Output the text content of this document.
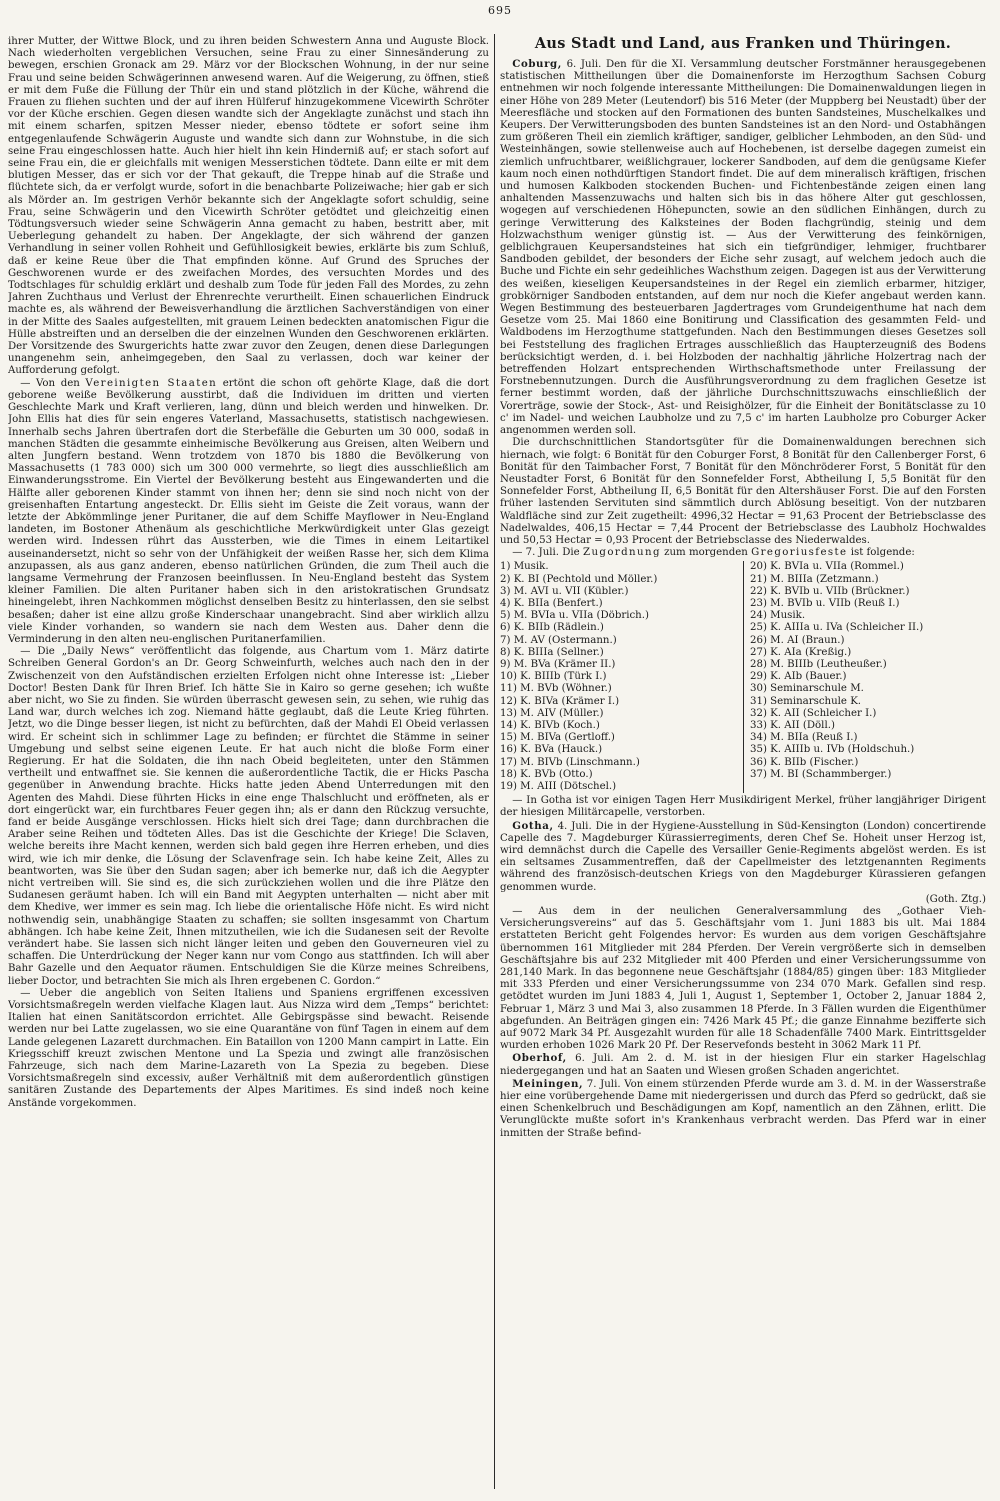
695

ihrer Mutter, der Wittwe Block, und zu ihren beiden Schwestern Anna und Auguste Block. Nach wiederholten vergeblichen Versuchen, seine Frau zu einer Sinnesänderung zu bewegen, erschien Gronack am 29. März vor der Blockschen Wohnung, in der nur seine Frau und seine beiden Schwägerinnen anwesend waren. Auf die Weigerung, zu öffnen, stieß er mit dem Fuße die Füllung der Thür ein und stand plötzlich in der Küche, während die Frauen zu fliehen suchten und der auf ihren Hülferuf hinzugekommene Vicewirth Schröter vor der Küche erschien. Gegen diesen wandte sich der Angeklagte zunächst und stach ihn mit einem scharfen, spitzen Messer nieder, ebenso tödtete er sofort seine ihm entgegenlaufende Schwägerin Auguste und wandte sich dann zur Wohnstube, in die sich seine Frau eingeschlossen hatte. Auch hier hielt ihn kein Hinderniß auf; er stach sofort auf seine Frau ein, die er gleichfalls mit wenigen Messerstichen tödtete. Dann eilte er mit dem blutigen Messer, das er sich vor der That gekauft, die Treppe hinab auf die Straße und flüchtete sich, da er verfolgt wurde, sofort in die benachbarte Polizeiwache; hier gab er sich als Mörder an. Im gestrigen Verhör bekannte sich der Angeklagte sofort schuldig, seine Frau, seine Schwägerin und den Vicewirth Schröter getödtet und gleichzeitig einen Tödtungsversuch wieder seine Schwägerin Anna gemacht zu haben, bestritt aber, mit Ueberlegung gehandelt zu haben. Der Angeklagte, der sich während der ganzen Verhandlung in seiner vollen Rohheit und Gefühllosigkeit bewies, erklärte bis zum Schluß, daß er keine Reue über die That empfinden könne. Auf Grund des Spruches der Geschworenen wurde er des zweifachen Mordes, des versuchten Mordes und des Todtschlages für schuldig erklärt und deshalb zum Tode für jeden Fall des Mordes, zu zehn Jahren Zuchthaus und Verlust der Ehrenrechte verurtheilt. Einen schauerlichen Eindruck machte es, als während der Beweisverhandlung die ärztlichen Sachverständigen von einer in der Mitte des Saales aufgestellten, mit grauem Leinen bedeckten anatomischen Figur die Hülle abstreiften und an derselben die der einzelnen Wunden den Geschworenen erklärten. Der Vorsitzende des Swurgerichts hatte zwar zuvor den Zeugen, denen diese Darlegungen unangenehm sein, anheimgegeben, den Saal zu verlassen, doch war keiner der Aufforderung gefolgt.

— Von den Vereinigten Staaten ertönt die schon oft gehörte Klage, daß die dort geborene weiße Bevölkerung ausstirbt, daß die Individuen im dritten und vierten Geschlechte Mark und Kraft verlieren, lang, dünn und bleich werden und hinwelken. Dr. John Ellis hat dies für sein engeres Vaterland, Massachusetts, statistisch nachgewiesen. Innerhalb sechs Jahren übertrafen dort die Sterbefälle die Geburten um 30 000, sodaß in manchen Städten die gesammte einheimische Bevölkerung aus Greisen, alten Weibern und alten Jungfern bestand. Wenn trotzdem von 1870 bis 1880 die Bevölkerung von Massachusetts (1 783 000) sich um 300 000 vermehrte, so liegt dies ausschließlich am Einwanderungsstrome. Ein Viertel der Bevölkerung besteht aus Eingewanderten und die Hälfte aller geborenen Kinder stammt von ihnen her; denn sie sind noch nicht von der greisenhaften Entartung angesteckt. Dr. Ellis sieht im Geiste die Zeit voraus, wann der letzte der Abkömmlinge jener Puritaner, die auf dem Schiffe Mayflower in Neu-England landeten, im Bostoner Athenäum als geschichtliche Merkwürdigkeit unter Glas gezeigt werden wird. Indessen rührt das Aussterben, wie die Times in einem Leitartikel auseinandersetzt, nicht so sehr von der Unfähigkeit der weißen Rasse her, sich dem Klima anzupassen, als aus ganz anderen, ebenso natürlichen Gründen, die zum Theil auch die langsame Vermehrung der Franzosen beeinflussen. In Neu-England besteht das System kleiner Familien. Die alten Puritaner haben sich in den aristokratischen Grundsatz hineingelebt, ihren Nachkommen möglichst denselben Besitz zu hinterlassen, den sie selbst besaßen; daher ist eine allzu große Kinderschaar unangebracht. Sind aber wirklich allzu viele Kinder vorhanden, so wandern sie nach dem Westen aus. Daher denn die Verminderung in den alten neu-englischen Puritanerfamilien.

— Die „Daily News“ veröffentlicht das folgende, aus Chartum vom 1. März datirte Schreiben General Gordon's an Dr. Georg Schweinfurth, welches auch nach den in der Zwischenzeit von den Aufständischen erzielten Erfolgen nicht ohne Interesse ist: „Lieber Doctor! Besten Dank für Ihren Brief. Ich hätte Sie in Kairo so gerne gesehen; ich wußte aber nicht, wo Sie zu finden. Sie würden überrascht gewesen sein, zu sehen, wie ruhig das Land war, durch welches ich zog. Niemand hätte geglaubt, daß die Leute Krieg führten. Jetzt, wo die Dinge besser liegen, ist nicht zu befürchten, daß der Mahdi El Obeid verlassen wird. Er scheint sich in schlimmer Lage zu befinden; er fürchtet die Stämme in seiner Umgebung und selbst seine eigenen Leute. Er hat auch nicht die bloße Form einer Regierung. Er hat die Soldaten, die ihn nach Obeid begleiteten, unter den Stämmen vertheilt und entwaffnet sie. Sie kennen die außerordentliche Tactik, die er Hicks Pascha gegenüber in Anwendung brachte. Hicks hatte jeden Abend Unterredungen mit den Agenten des Mahdi. Diese führten Hicks in eine enge Thalschlucht und eröffneten, als er dort eingerückt war, ein furchtbares Feuer gegen ihn; als er dann den Rückzug versuchte, fand er beide Ausgänge verschlossen. Hicks hielt sich drei Tage; dann durchbrachen die Araber seine Reihen und tödteten Alles. Das ist die Geschichte der Kriege! Die Sclaven, welche bereits ihre Macht kennen, werden sich bald gegen ihre Herren erheben, und dies wird, wie ich mir denke, die Lösung der Sclavenfrage sein. Ich habe keine Zeit, Alles zu beantworten, was Sie über den Sudan sagen; aber ich bemerke nur, daß ich die Aegypter nicht vertreiben will. Sie sind es, die sich zurückziehen wollen und die ihre Plätze den Sudanesen geräumt haben. Ich will ein Band mit Aegypten unterhalten — nicht aber mit dem Khedive, wer immer es sein mag. Ich liebe die orientalische Höfe nicht. Es wird nicht nothwendig sein, unabhängige Staaten zu schaffen; sie sollten insgesammt von Chartum abhängen. Ich habe keine Zeit, Ihnen mitzutheilen, wie ich die Sudanesen seit der Revolte verändert habe. Sie lassen sich nicht länger leiten und geben den Gouverneuren viel zu schaffen. Die Unterdrückung der Neger kann nur vom Congo aus stattfinden. Ich will aber Bahr Gazelle und den Aequator räumen. Entschuldigen Sie die Kürze meines Schreibens, lieber Doctor, und betrachten Sie mich als Ihren ergebenen C. Gordon.“

— Ueber die angeblich von Seiten Italiens und Spaniens ergriffenen excessiven Vorsichtsmaßregeln werden vielfache Klagen laut. Aus Nizza wird dem „Temps“ berichtet: Italien hat einen Sanitätscordon errichtet. Alle Gebirgspässe sind bewacht. Reisende werden nur bei Latte zugelassen, wo sie eine Quarantäne von fünf Tagen in einem auf dem Lande gelegenen Lazarett durchmachen. Ein Bataillon von 1200 Mann campirt in Latte. Ein Kriegsschiff kreuzt zwischen Mentone und La Spezia und zwingt alle französischen Fahrzeuge, sich nach dem Marine-Lazareth von La Spezia zu begeben. Diese Vorsichtsmaßregeln sind excessiv, außer Verhältniß mit dem außerordentlich günstigen sanitären Zustande des Departements der Alpes Maritimes. Es sind indeß noch keine Anstände vorgekommen.

Aus Stadt und Land, aus Franken und Thüringen.

Coburg, 6. Juli. Den für die XI. Versammlung deutscher Forstmänner herausgegebenen statistischen Mittheilungen über die Domainenforste im Herzogthum Sachsen Coburg entnehmen wir noch folgende interessante Mittheilungen: Die Domainenwaldungen liegen in einer Höhe von 289 Meter (Leutendorf) bis 516 Meter (der Muppberg bei Neustadt) über der Meeresfläche und stocken auf den Formationen des bunten Sandsteines, Muschelkalkes und Keupers. Der Verwitterungsboden des bunten Sandsteines ist an den Nord- und Ostabhängen zum größeren Theil ein ziemlich kräftiger, sandiger, gelblicher Lehmboden, an den Süd- und Westeinhängen, sowie stellenweise auch auf Hochebenen, ist derselbe dagegen zumeist ein ziemlich unfruchtbarer, weißlichgrauer, lockerer Sandboden, auf dem die genügsame Kiefer kaum noch einen nothdürftigen Standort findet. Die auf dem mineralisch kräftigen, frischen und humosen Kalkboden stockenden Buchen- und Fichtenbestände zeigen einen lang anhaltenden Massenzuwachs und halten sich bis in das höhere Alter gut geschlossen, wogegen auf verschiedenen Höhepuncten, sowie an den südlichen Einhängen, durch zu geringe Verwitterung des Kalksteines der Boden flachgründig, steinig und dem Holzwachsthum weniger günstig ist. — Aus der Verwitterung des feinkörnigen, gelblichgrauen Keupersandsteines hat sich ein tiefgründiger, lehmiger, fruchtbarer Sandboden gebildet, der besonders der Eiche sehr zusagt, auf welchem jedoch auch die Buche und Fichte ein sehr gedeihliches Wachsthum zeigen. Dagegen ist aus der Verwitterung des weißen, kieseligen Keupersandsteines in der Regel ein ziemlich erbarmer, hitziger, grobkörniger Sandboden entstanden, auf dem nur noch die Kiefer angebaut werden kann. Wegen Bestimmung des besteuerbaren Jagdertrages vom Grundeigenthume hat nach dem Gesetze vom 25. Mai 1860 eine Bonitirung und Classification des gesammten Feld- und Waldbodens im Herzogthume stattgefunden. Nach den Bestimmungen dieses Gesetzes soll bei Feststellung des fraglichen Ertrages ausschließlich das Haupterzeugniß des Bodens berücksichtigt werden, d. i. bei Holzboden der nachhaltig jährliche Holzertrag nach der betreffenden Holzart entsprechenden Wirthschaftsmethode unter Freilassung der Forstnebennutzungen. Durch die Ausführungsverordnung zu dem fraglichen Gesetze ist ferner bestimmt worden, daß der jährliche Durchschnittszuwachs einschließlich der Vorerträge, sowie der Stock-, Ast- und Reisighölzer, für die Einheit der Bonitätsclasse zu 10 c' im Nadel- und weichen Laubholze und zu 7,5 c' im harten Laubholze pro Coburger Acker angenommen werden soll.

Die durchschnittlichen Standortsgüter für die Domainenwaldungen berechnen sich hiernach, wie folgt: 6 Bonität für den Coburger Forst, 8 Bonität für den Callenberger Forst, 6 Bonität für den Taimbacher Forst, 7 Bonität für den Mönchröderer Forst, 5 Bonität für den Neustadter Forst, 6 Bonität für den Sonnefelder Forst, Abtheilung I, 5,5 Bonität für den Sonnefelder Forst, Abtheilung II, 6,5 Bonität für den Altershäuser Forst. Die auf den Forsten früher lastenden Servituten sind sämmtlich durch Ablösung beseitigt. Von der nutzbaren Waldfläche sind zur Zeit zugetheilt: 4996,32 Hectar = 91,63 Procent der Betriebsclasse des Nadelwaldes, 406,15 Hectar = 7,44 Procent der Betriebsclasse des Laubholz Hochwaldes und 50,53 Hectar = 0,93 Procent der Betriebsclasse des Niederwaldes.

— 7. Juli. Die Zugordnung zum morgenden Gregoriusfeste ist folgende:

1) Musik.
2) K. BI (Pechtold und Möller.)
3) M. AVI u. VII (Kübler.)
4) K. BIIa (Benfert.)
5) M. BVIa u. VIIa (Döbrich.)
6) K. BIIb (Rädlein.)
7) M. AV (Ostermann.)
8) K. BIIIa (Sellner.)
9) M. BVa (Krämer II.)
10) K. BIIIb (Türk I.)
11) M. BVb (Wöhner.)
12) K. BIVa (Krämer I.)
13) M. AIV (Müller.)
14) K. BIVb (Koch.)
15) M. BIVa (Gertloff.)
16) K. BVa (Hauck.)
17) M. BIVb (Linschmann.)
18) K. BVb (Otto.)
19) M. AIII (Dötschel.)
20) K. BVIa u. VIIa (Rommel.)
21) M. BIIIa (Zetzmann.)
22) K. BVIb u. VIIb (Brückner.)
23) M. BVIb u. VIIb (Reuß I.)
24) Musik.
25) K. AIIIa u. IVa (Schleicher II.)
26) M. AI (Braun.)
27) K. AIa (Kreßig.)
28) M. BIIIb (Leutheußer.)
29) K. AIb (Bauer.)
30) Seminarschule M.
31) Seminarschule K.
32) K. AII (Schleicher I.)
33) K. AII (Döll.)
34) M. BIIa (Reuß I.)
35) K. AIIIb u. IVb (Holdschuh.)
36) K. BIIb (Fischer.)
37) M. BI (Schammberger.)

— In Gotha ist vor einigen Tagen Herr Musikdirigent Merkel, früher langjähriger Dirigent der hiesigen Militärcapelle, verstorben.

Gotha, 4. Juli. Die in der Hygiene-Ausstellung in Süd-Kensington (London) concertirende Capelle des 7. Magdeburger Kürassierregiments, deren Chef Se. Hoheit unser Herzog ist, wird demnächst durch die Capelle des Versailler Genie-Regiments abgelöst werden. Es ist ein seltsames Zusammentreffen, daß der Capellmeister des letztgenannten Regiments während des französisch-deutschen Kriegs von den Magdeburger Kürassieren gefangen genommen wurde.

(Goth. Ztg.)

— Aus dem in der neulichen Generalversammlung des „Gothaer Vieh-Versicherungsvereins“ auf das 5. Geschäftsjahr vom 1. Juni 1883 bis ult. Mai 1884 erstatteten Bericht geht Folgendes hervor: Es wurden aus dem vorigen Geschäftsjahre übernommen 161 Mitglieder mit 284 Pferden. Der Verein vergrößerte sich in demselben Geschäftsjahre bis auf 232 Mitglieder mit 400 Pferden und einer Versicherungssumme von 281,140 Mark. In das begonnene neue Geschäftsjahr (1884/85) gingen über: 183 Mitglieder mit 333 Pferden und einer Versicherungssumme von 234 070 Mark. Gefallen sind resp. getödtet wurden im Juni 1883 4, Juli 1, August 1, September 1, October 2, Januar 1884 2, Februar 1, März 3 und Mai 3, also zusammen 18 Pferde. In 3 Fällen wurden die Eigenthümer abgefunden. An Beiträgen gingen ein: 7426 Mark 45 Pf.; die ganze Einnahme bezifferte sich auf 9072 Mark 34 Pf. Ausgezahlt wurden für alle 18 Schadenfälle 7400 Mark. Eintrittsgelder wurden erhoben 1026 Mark 20 Pf. Der Reservefonds besteht in 3062 Mark 11 Pf.

Oberhof, 6. Juli. Am 2. d. M. ist in der hiesigen Flur ein starker Hagelschlag niedergegangen und hat an Saaten und Wiesen großen Schaden angerichtet.

Meiningen, 7. Juli. Von einem stürzenden Pferde wurde am 3. d. M. in der Wasserstraße hier eine vorübergehende Dame mit niedergerissen und durch das Pferd so gedrückt, daß sie einen Schenkelbruch und Beschädigungen am Kopf, namentlich an den Zähnen, erlitt. Die Verunglückte mußte sofort in's Krankenhaus verbracht werden. Das Pferd war in einer inmitten der Straße befind-
